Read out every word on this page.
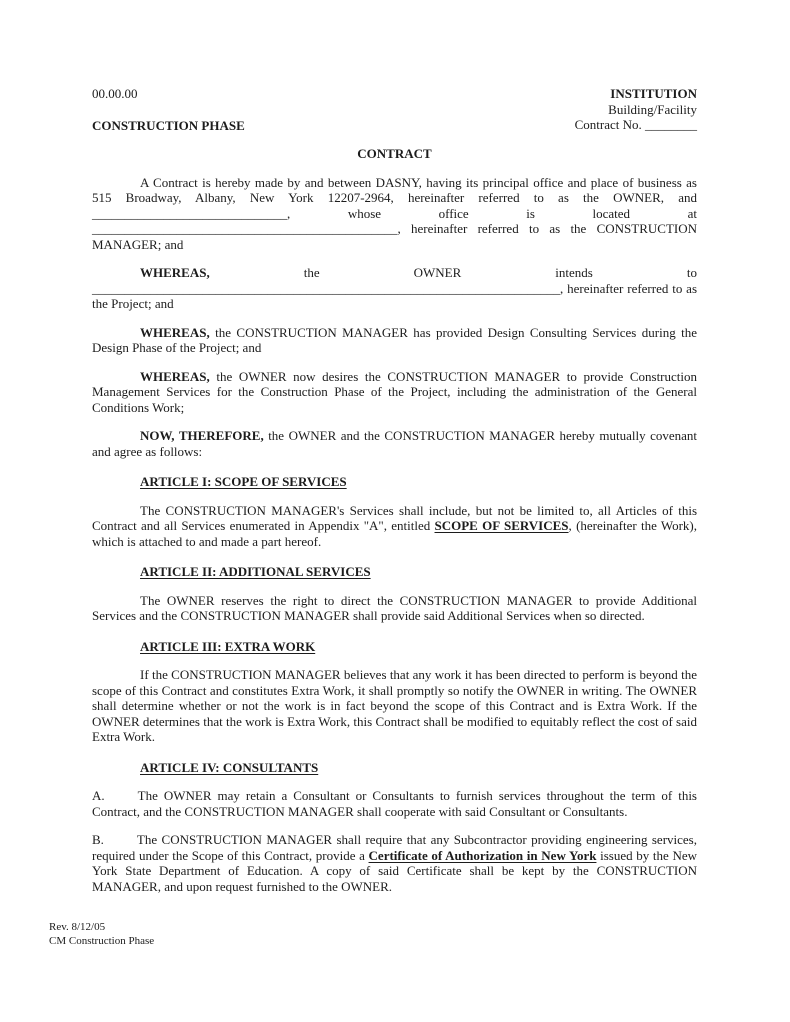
00.00.00
CONSTRUCTION PHASE
INSTITUTION
Building/Facility
Contract No. ________
CONTRACT

A Contract is hereby made by and between DASNY, having its principal office and place of business as 515 Broadway, Albany, New York 12207-2964, hereinafter referred to as the OWNER, and ______________________________, whose office is located at _______________________________________________, hereinafter referred to as the CONSTRUCTION MANAGER; and

WHEREAS, the OWNER intends to ________________________________________________________________________, hereinafter referred to as the Project; and

WHEREAS, the CONSTRUCTION MANAGER has provided Design Consulting Services during the Design Phase of the Project; and

WHEREAS, the OWNER now desires the CONSTRUCTION MANAGER to provide Construction Management Services for the Construction Phase of the Project, including the administration of the General Conditions Work;

NOW, THEREFORE, the OWNER and the CONSTRUCTION MANAGER hereby mutually covenant and agree as follows:

ARTICLE I: SCOPE OF SERVICES

The CONSTRUCTION MANAGER's Services shall include, but not be limited to, all Articles of this Contract and all Services enumerated in Appendix "A", entitled SCOPE OF SERVICES, (hereinafter the Work), which is attached to and made a part hereof.

ARTICLE II: ADDITIONAL SERVICES

The OWNER reserves the right to direct the CONSTRUCTION MANAGER to provide Additional Services and the CONSTRUCTION MANAGER shall provide said Additional Services when so directed.

ARTICLE III: EXTRA WORK

If the CONSTRUCTION MANAGER believes that any work it has been directed to perform is beyond the scope of this Contract and constitutes Extra Work, it shall promptly so notify the OWNER in writing. The OWNER shall determine whether or not the work is in fact beyond the scope of this Contract and is Extra Work. If the OWNER determines that the work is Extra Work, this Contract shall be modified to equitably reflect the cost of said Extra Work.

ARTICLE IV: CONSULTANTS

A.	The OWNER may retain a Consultant or Consultants to furnish services throughout the term of this Contract, and the CONSTRUCTION MANAGER shall cooperate with said Consultant or Consultants.

B.	The CONSTRUCTION MANAGER shall require that any Subcontractor providing engineering services, required under the Scope of this Contract, provide a Certificate of Authorization in New York issued by the New York State Department of Education. A copy of said Certificate shall be kept by the CONSTRUCTION MANAGER, and upon request furnished to the OWNER.

Rev. 8/12/05
CM Construction Phase
